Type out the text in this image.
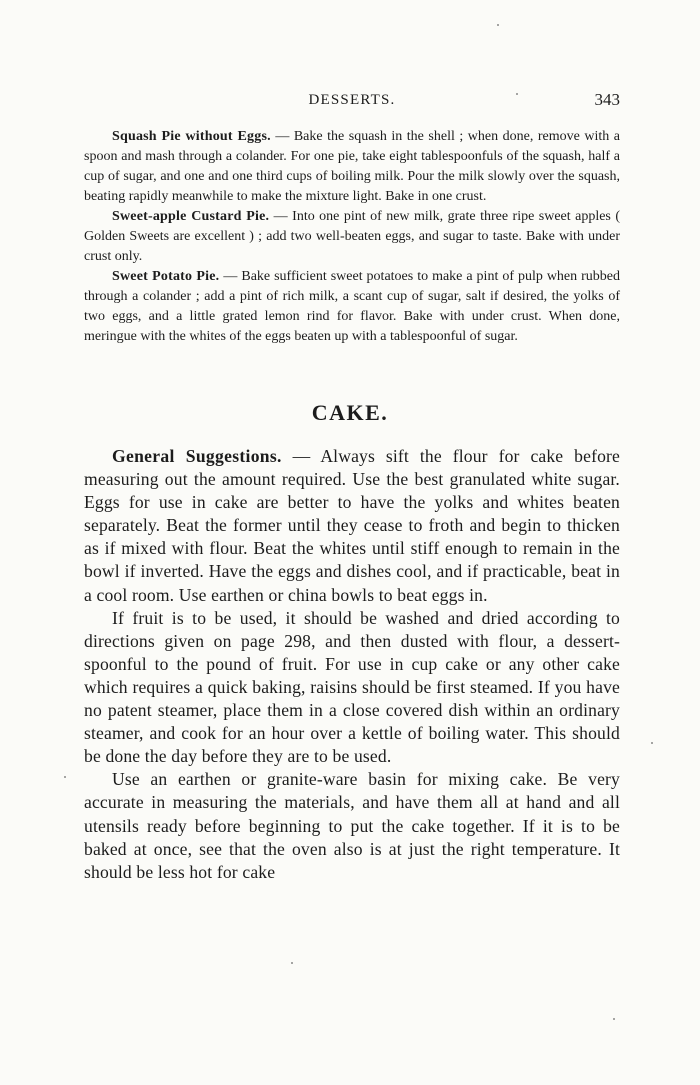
DESSERTS.	343

Squash Pie without Eggs. — Bake the squash in the shell ; when done, remove with a spoon and mash through a colander. For one pie, take eight tablespoonfuls of the squash, half a cup of sugar, and one and one third cups of boiling milk. Pour the milk slowly over the squash, beating rapidly meanwhile to make the mixture light. Bake in one crust.

Sweet-apple Custard Pie. — Into one pint of new milk, grate three ripe sweet apples ( Golden Sweets are excellent ) ; add two well-beaten eggs, and sugar to taste. Bake with under crust only.

Sweet Potato Pie. — Bake sufficient sweet potatoes to make a pint of pulp when rubbed through a colander ; add a pint of rich milk, a scant cup of sugar, salt if desired, the yolks of two eggs, and a little grated lemon rind for flavor. Bake with under crust. When done, meringue with the whites of the eggs beaten up with a tablespoonful of sugar.

CAKE.

General Suggestions. — Always sift the flour for cake before measuring out the amount required. Use the best granulated white sugar. Eggs for use in cake are better to have the yolks and whites beaten separately. Beat the former until they cease to froth and begin to thicken as if mixed with flour. Beat the whites until stiff enough to remain in the bowl if inverted. Have the eggs and dishes cool, and if practicable, beat in a cool room. Use earthen or china bowls to beat eggs in.

If fruit is to be used, it should be washed and dried according to directions given on page 298, and then dusted with flour, a dessert-spoonful to the pound of fruit. For use in cup cake or any other cake which requires a quick baking, raisins should be first steamed. If you have no patent steamer, place them in a close covered dish within an ordinary steamer, and cook for an hour over a kettle of boiling water. This should be done the day before they are to be used.

Use an earthen or granite-ware basin for mixing cake. Be very accurate in measuring the materials, and have them all at hand and all utensils ready before beginning to put the cake together. If it is to be baked at once, see that the oven also is at just the right temperature. It should be less hot for cake
